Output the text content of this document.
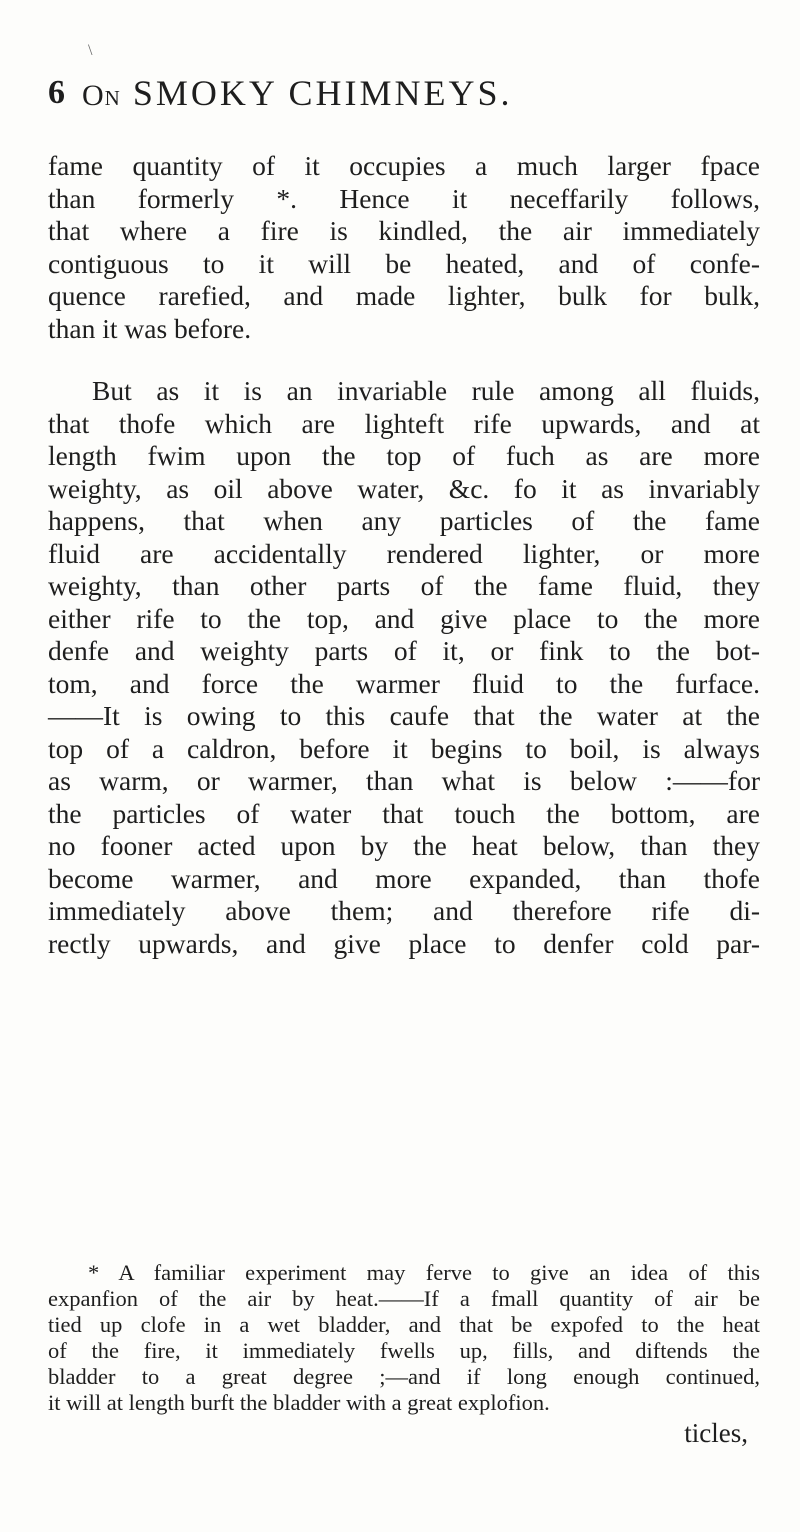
\
6 On SMOKY CHIMNEYS.

fame quantity of it occupies a much larger fpace

than formerly *. Hence it neceffarily follows,

that where a fire is kindled, the air immediately

contiguous to it will be heated, and of confe-

quence rarefied, and made lighter, bulk for bulk,

than it was before.

But as it is an invariable rule among all fluids,

that thofe which are lighteft rife upwards, and at

length fwim upon the top of fuch as are more

weighty, as oil above water, &c. fo it as invariably

happens, that when any particles of the fame

fluid are accidentally rendered lighter, or more

weighty, than other parts of the fame fluid, they

either rife to the top, and give place to the more

denfe and weighty parts of it, or fink to the bot-

tom, and force the warmer fluid to the furface.

——It is owing to this caufe that the water at the

top of a caldron, before it begins to boil, is always

as warm, or warmer, than what is below :——for

the particles of water that touch the bottom, are

no fooner acted upon by the heat below, than they

become warmer, and more expanded, than thofe

immediately above them; and therefore rife di-

rectly upwards, and give place to denfer cold par-

* A familiar experiment may ferve to give an idea of this

expanfion of the air by heat.——If a fmall quantity of air be

tied up clofe in a wet bladder, and that be expofed to the heat

of the fire, it immediately fwells up, fills, and diftends the

bladder to a great degree ;—and if long enough continued,

it will at length burft the bladder with a great explofion.

ticles,
